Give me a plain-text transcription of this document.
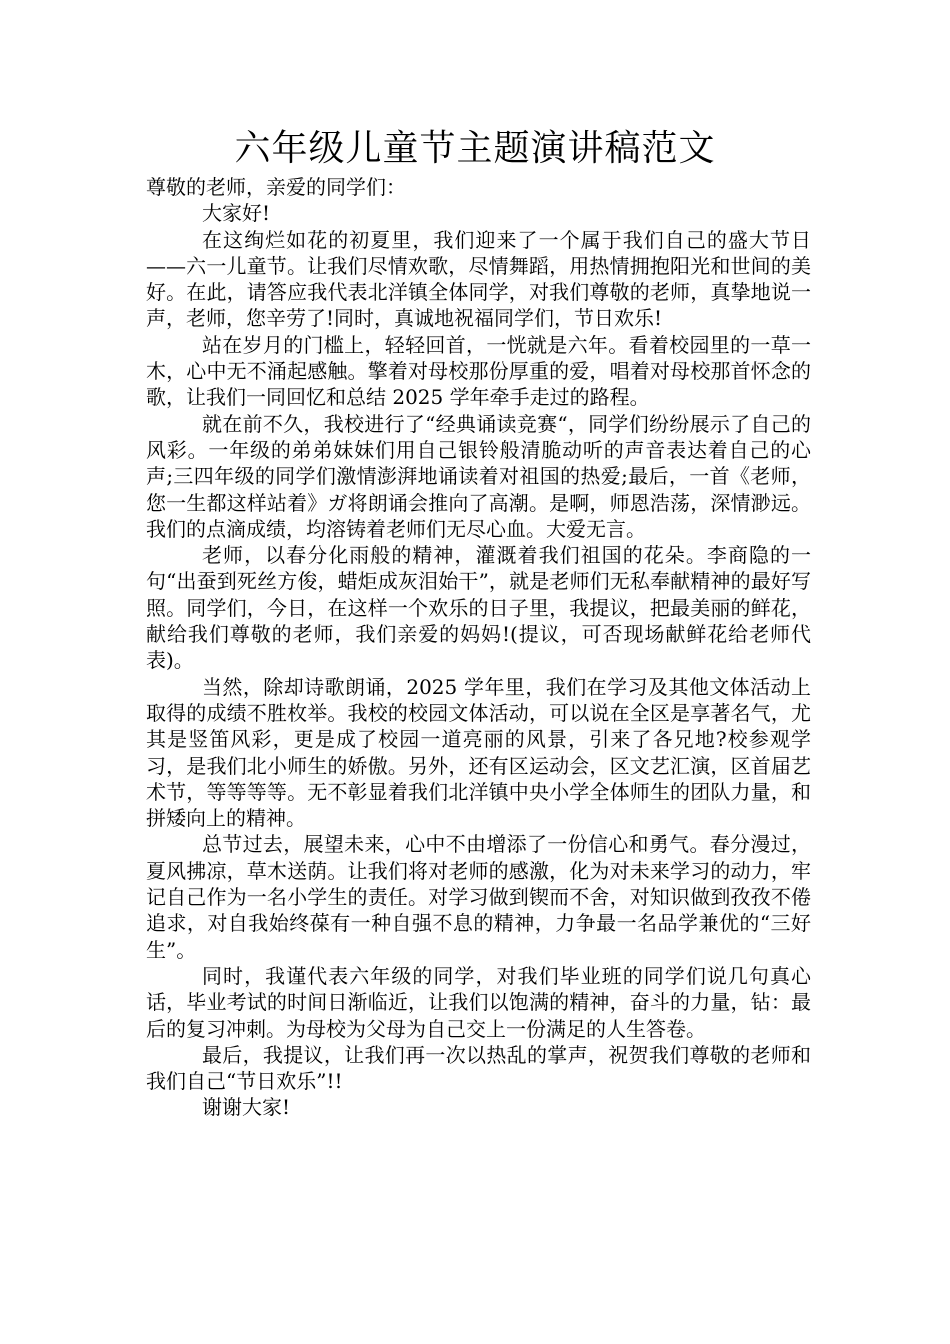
六年级儿童节主题演讲稿范文

尊敬的老师，亲爱的同学们：

大家好!

在这绚烂如花的初夏里，我们迎来了一个属于我们自己的盛大节日——六一儿童节。让我们尽情欢歌，尽情舞蹈，用热情拥抱阳光和世间的美好。在此，请答应我代表北洋镇全体同学，对我们尊敬的老师，真挚地说一声，老师，您辛劳了!同时，真诚地祝福同学们，节日欢乐!

站在岁月的门槛上，轻轻回首，一恍就是六年。看着校园里的一草一木，心中无不涌起感触。擎着对母校那份厚重的爱，唱着对母校那首怀念的歌，让我们一同回忆和总结 2025 学年牵手走过的路程。

就在前不久，我校进行了“经典诵读竞赛“，同学们纷纷展示了自己的风彩。一年级的弟弟妹妹们用自己银铃般清脆动听的声音表达着自己的心声;三四年级的同学们激情澎湃地诵读着对祖国的热爱;最后，一首《老师，您一生都这样站着》ガ将朗诵会推向了高潮。是啊，师恩浩荡，深情渺远。我们的点滴成绩，均溶铸着老师们无尽心血。大爱无言。

老师，以春分化雨般的精神，灌溉着我们祖国的花朵。李商隐的一句“出蚕到死丝方俊，蜡炬成灰泪始干”，就是老师们无私奉献精神的最好写照。同学们，今日，在这样一个欢乐的日子里，我提议，把最美丽的鲜花，献给我们尊敬的老师，我们亲爱的妈妈!(提议，可否现场献鲜花给老师代表)。

当然，除却诗歌朗诵，2025 学年里，我们在学习及其他文体活动上取得的成绩不胜枚举。我校的校园文体活动，可以说在全区是享著名气，尤其是竖笛风彩，更是成了校园一道亮丽的风景，引来了各兄地?校参观学习，是我们北小师生的娇傲。另外，还有区运动会，区文艺汇演，区首届艺术节，等等等等。无不彰显着我们北洋镇中央小学全体师生的团队力量，和拼矮向上的精神。

总节过去，展望未来，心中不由增添了一份信心和勇气。春分漫过，夏风拂凉，草木送荫。让我们将对老师的感激，化为对未来学习的动力，牢记自己作为一名小学生的责任。对学习做到锲而不舍，对知识做到孜孜不倦追求，对自我始终葆有一种自强不息的精神，力争最一名品学兼优的“三好生”。

同时，我谨代表六年级的同学，对我们毕业班的同学们说几句真心话，毕业考试的时间日渐临近，让我们以饱满的精神，奋斗的力量，钻：最后的复习冲刺。为母校为父母为自己交上一份满足的人生答卷。

最后，我提议，让我们再一次以热乱的掌声，祝贺我们尊敬的老师和我们自己“节日欢乐”!!

谢谢大家!
